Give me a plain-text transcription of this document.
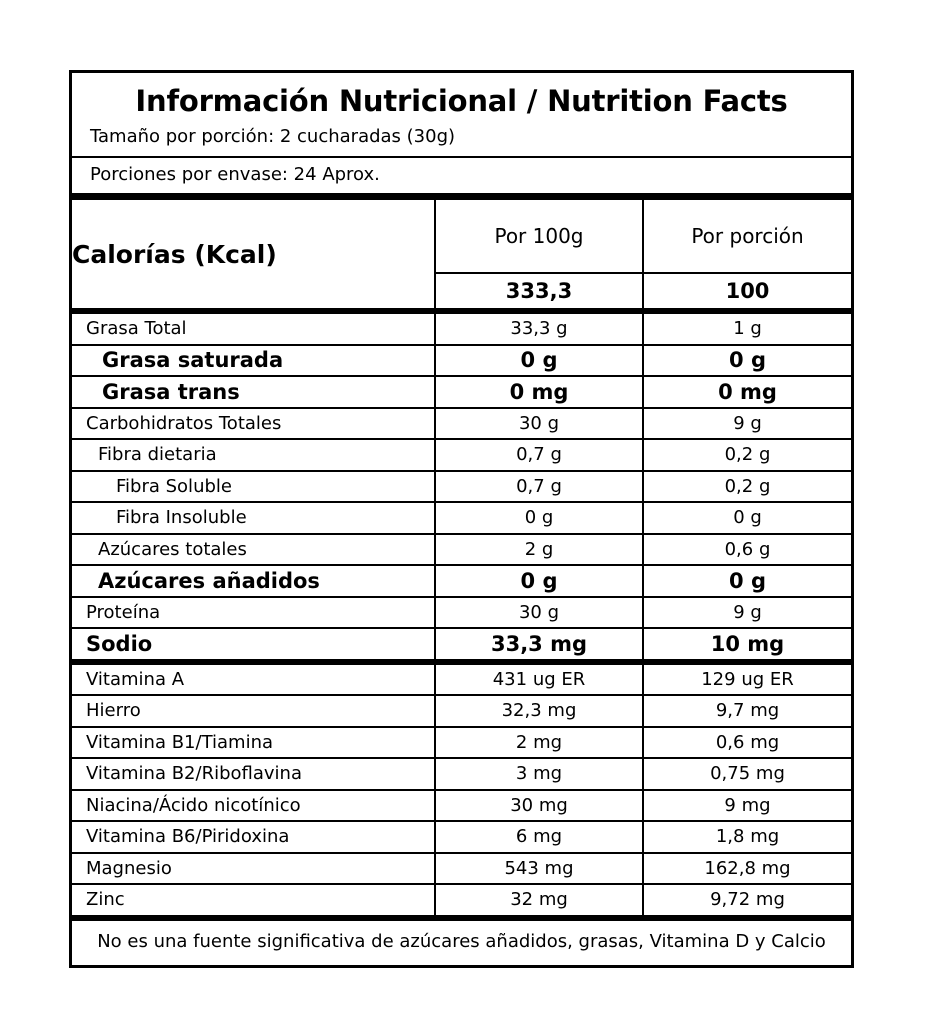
Información Nutricional / Nutrition Facts
Tamaño por porción: 2 cucharadas (30g)
Porciones por envase: 24 Aprox.
Calorías (Kcal)	Por 100g	Por porción
	333,3	100

Grasa Total	33,3 g	1 g

Grasa saturada	0 g	0 g

Grasa trans	0 mg	0 mg

Carbohidratos Totales	30 g	9 g

Fibra dietaria	0,7 g	0,2 g

Fibra Soluble	0,7 g	0,2 g

Fibra Insoluble	0 g	0 g

Azúcares totales	2 g	0,6 g

Azúcares añadidos	0 g	0 g

Proteína	30 g	9 g

Sodio	33,3 mg	10 mg

Vitamina A	431 ug ER	129 ug ER

Hierro	32,3 mg	9,7 mg

Vitamina B1/Tiamina	2 mg	0,6 mg

Vitamina B2/Riboflavina	3 mg	0,75 mg

Niacina/Ácido nicotínico	30 mg	9 mg

Vitamina B6/Piridoxina	6 mg	1,8 mg

Magnesio	543 mg	162,8 mg

Zinc	32 mg	9,72 mg

No es una fuente significativa de azúcares añadidos, grasas, Vitamina D y Calcio
